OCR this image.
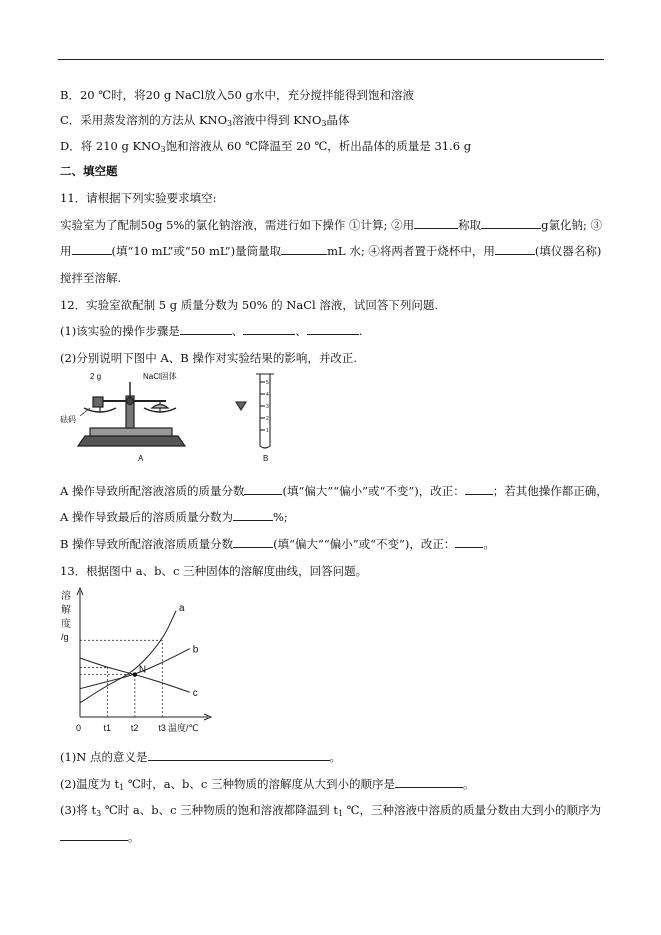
B．20 ℃时，将20 g NaCl放入50 g水中，充分搅拌能得到饱和溶液
C．采用蒸发溶剂的方法从 $KNO_3$溶液中得到 $KNO_3$晶体
D．将 210 g $KNO_3$饱和溶液从 60 ℃降温至 20 ℃，析出晶体的质量是 31.6 g
二、填空题
11．请根据下列实验要求填空:
实验室为了配制50g 5%的氯化钠溶液，需进行如下操作 ①计算; ②用	称取	g氯化钠; ③
用	(填“10 mL”或“50 mL”)量筒量取	mL 水; ④将两者置于烧杯中，用	(填仪器名称)
搅拌至溶解.
12．实验室欲配制 5 g 质量分数为 50% 的 NaCl 溶液，试回答下列问题.
(1)该实验的操作步骤是	、	、	.
(2)分别说明下图中 A、B 操作对实验结果的影响，并改正.
2 g	NaCl固体
砝码
A
5
4
3
2
1
B
A 操作导致所配溶液溶质的质量分数	(填“偏大”“偏小”或“不变”)，改正： ；若其他操作都正确，
A 操作导致最后的溶质质量分数为	%;
B 操作导致所配溶液溶质质量分数	(填“偏大”“偏小”或“不变”)，改正： 。
13．根据图中 a、b、c 三种固体的溶解度曲线，回答问题。
溶
解
度
/g
a
b
c
N
t1 t2 t3
0	温度/℃
(1)N 点的意义是	。
(2)温度为 $t_1$ ℃时，a、b、c 三种物质的溶解度从大到小的顺序是	。
(3)将 $t_3$ ℃时 a、b、c 三种物质的饱和溶液都降温到 $t_1$ ℃，三种溶液中溶质的质量分数由大到小的顺序为
。
